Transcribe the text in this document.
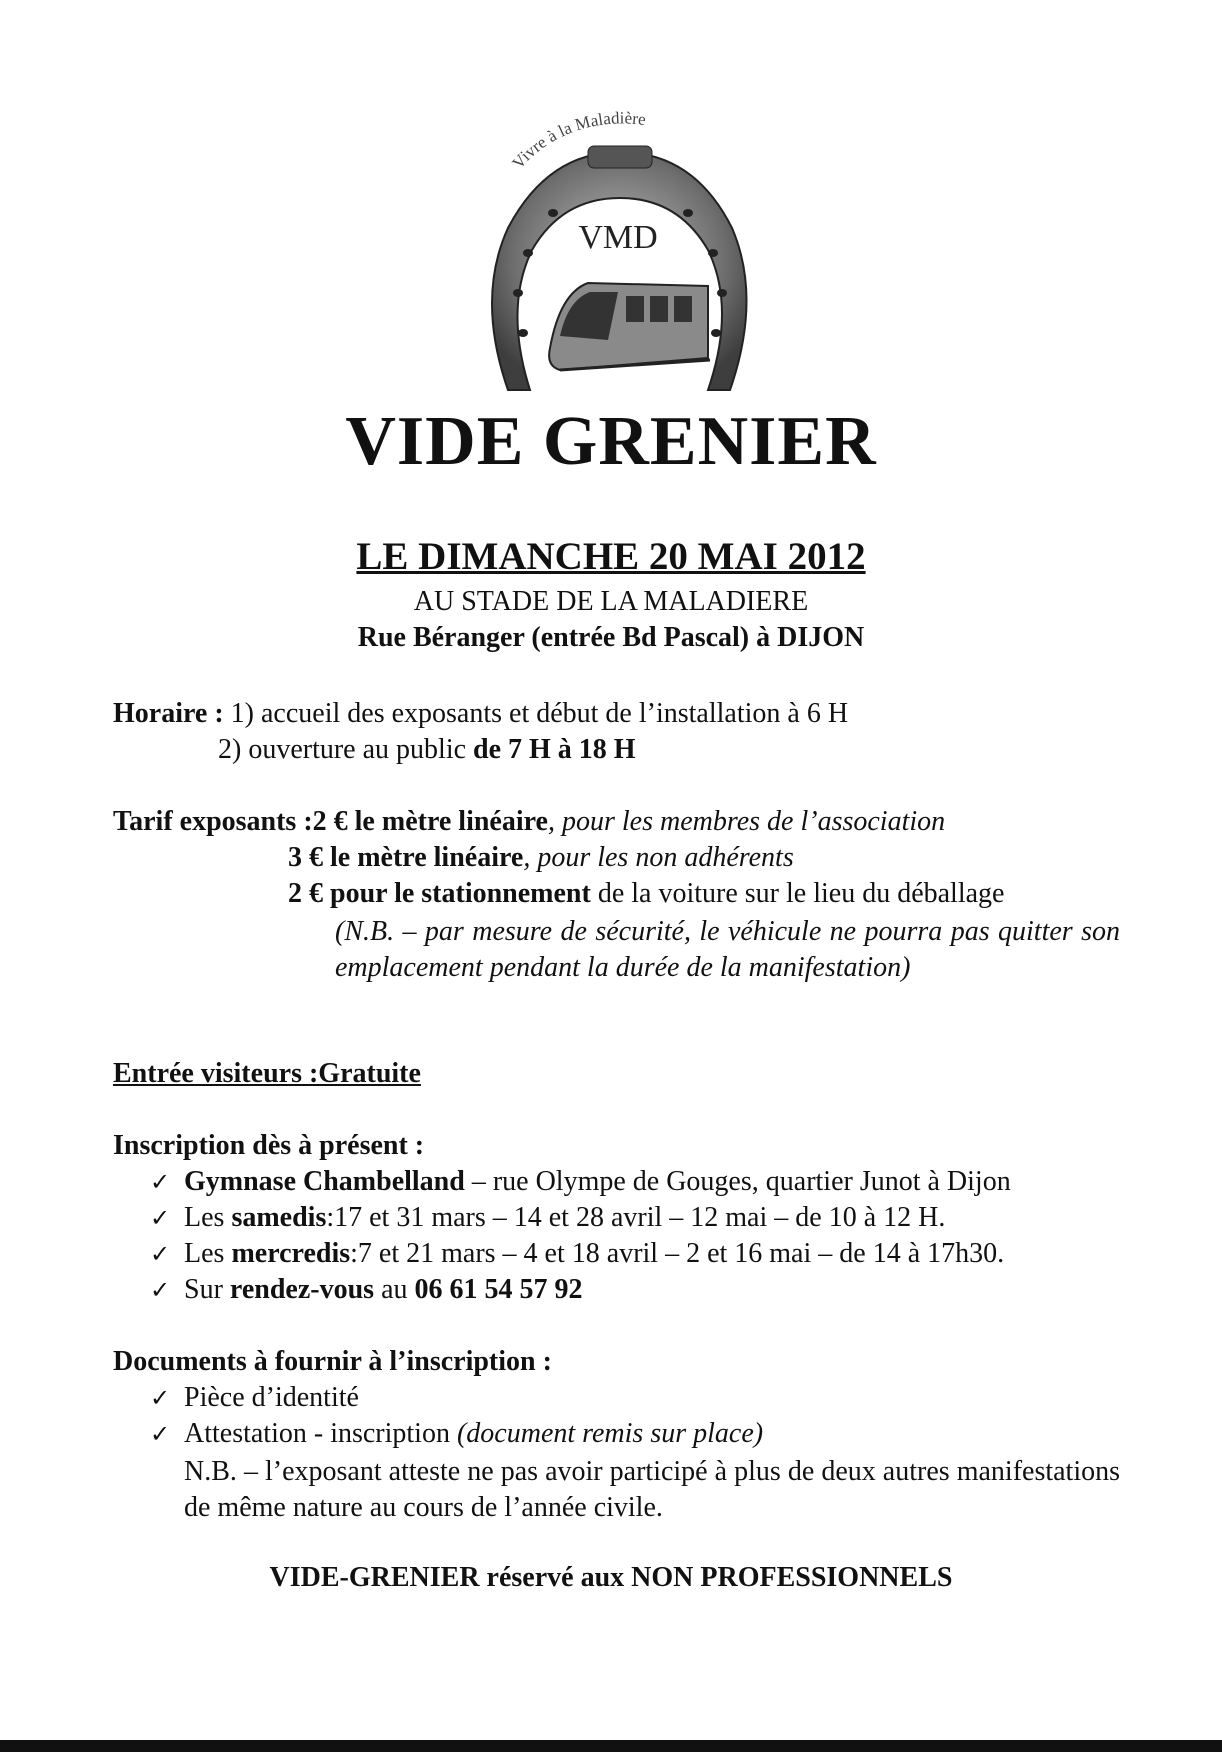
Vivre à la Maladière
VMD
VIDE GRENIER
LE DIMANCHE 20 MAI 2012
AU STADE DE LA MALADIERE
Rue Béranger (entrée Bd Pascal) à DIJON
Horaire : 1) accueil des exposants et début de l’installation à 6 H
2) ouverture au public de 7 H à 18 H
Tarif exposants :2 € le mètre linéaire, pour les membres de l’association
3 € le mètre linéaire, pour les non adhérents
2 € pour le stationnement de la voiture sur le lieu du déballage
(N.B. – par mesure de sécurité, le véhicule ne pourra pas quitter son emplacement pendant la durée de la manifestation)
Entrée visiteurs :Gratuite
Inscription dès à présent :
✓ Gymnase Chambelland – rue Olympe de Gouges, quartier Junot à Dijon
✓ Les samedis:17 et 31 mars – 14 et 28 avril – 12 mai – de 10 à 12 H.
✓ Les mercredis:7 et 21 mars – 4 et 18 avril – 2 et 16 mai – de 14 à 17h30.
✓ Sur rendez-vous au 06 61 54 57 92
Documents à fournir à l’inscription :
✓ Pièce d’identité
✓ Attestation - inscription (document remis sur place)
N.B. – l’exposant atteste ne pas avoir participé à plus de deux autres manifestations de même nature au cours de l’année civile.
VIDE-GRENIER réservé aux NON PROFESSIONNELS
